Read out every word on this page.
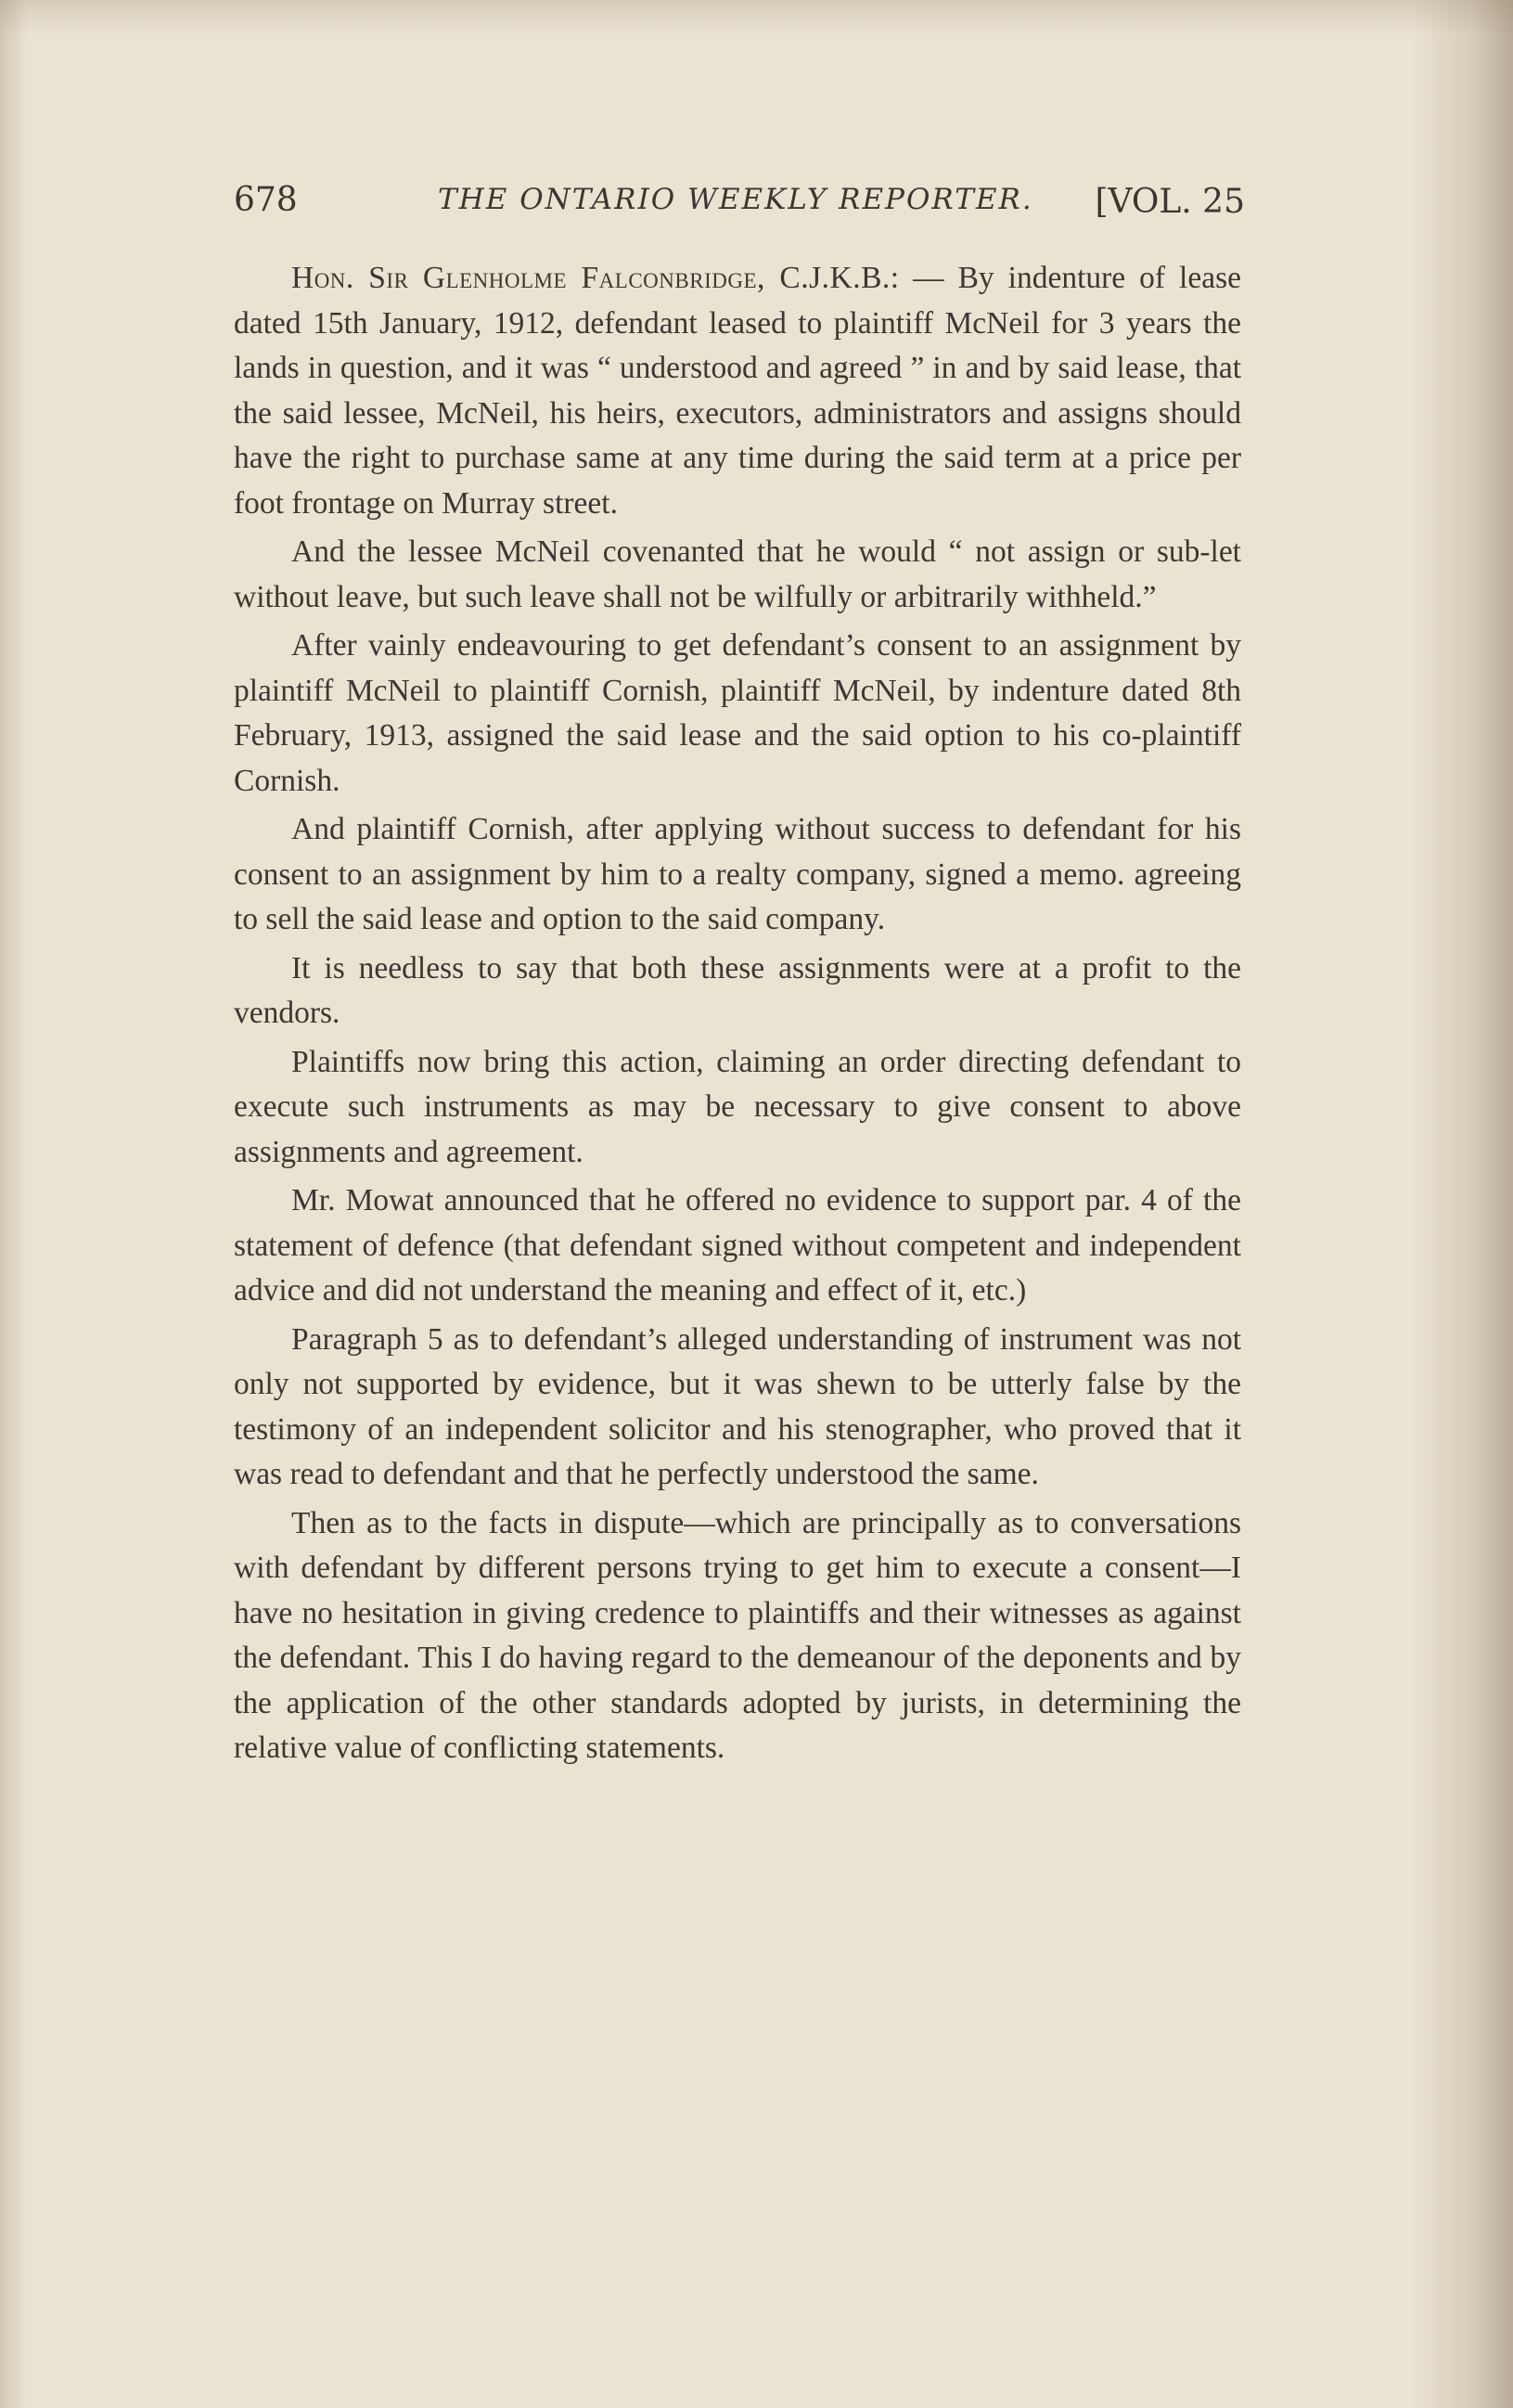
678	THE ONTARIO WEEKLY REPORTER. [VOL. 25

Hon. Sir Glenholme Falconbridge, C.J.K.B.: — By indenture of lease dated 15th January, 1912, defendant leased to plaintiff McNeil for 3 years the lands in question, and it was “ understood and agreed ” in and by said lease, that the said lessee, McNeil, his heirs, executors, administrators and assigns should have the right to purchase same at any time during the said term at a price per foot frontage on Murray street.

And the lessee McNeil covenanted that he would “ not assign or sub-let without leave, but such leave shall not be wilfully or arbitrarily withheld.”

After vainly endeavouring to get defendant’s consent to an assignment by plaintiff McNeil to plaintiff Cornish, plaintiff McNeil, by indenture dated 8th February, 1913, assigned the said lease and the said option to his co-plaintiff Cornish.

And plaintiff Cornish, after applying without success to defendant for his consent to an assignment by him to a realty company, signed a memo. agreeing to sell the said lease and option to the said company.

It is needless to say that both these assignments were at a profit to the vendors.

Plaintiffs now bring this action, claiming an order directing defendant to execute such instruments as may be necessary to give consent to above assignments and agreement.

Mr. Mowat announced that he offered no evidence to support par. 4 of the statement of defence (that defendant signed without competent and independent advice and did not understand the meaning and effect of it, etc.)

Paragraph 5 as to defendant’s alleged understanding of instrument was not only not supported by evidence, but it was shewn to be utterly false by the testimony of an independent solicitor and his stenographer, who proved that it was read to defendant and that he perfectly understood the same.

Then as to the facts in dispute—which are principally as to conversations with defendant by different persons trying to get him to execute a consent—I have no hesitation in giving credence to plaintiffs and their witnesses as against the defendant. This I do having regard to the demeanour of the deponents and by the application of the other standards adopted by jurists, in determining the relative value of conflicting statements.
